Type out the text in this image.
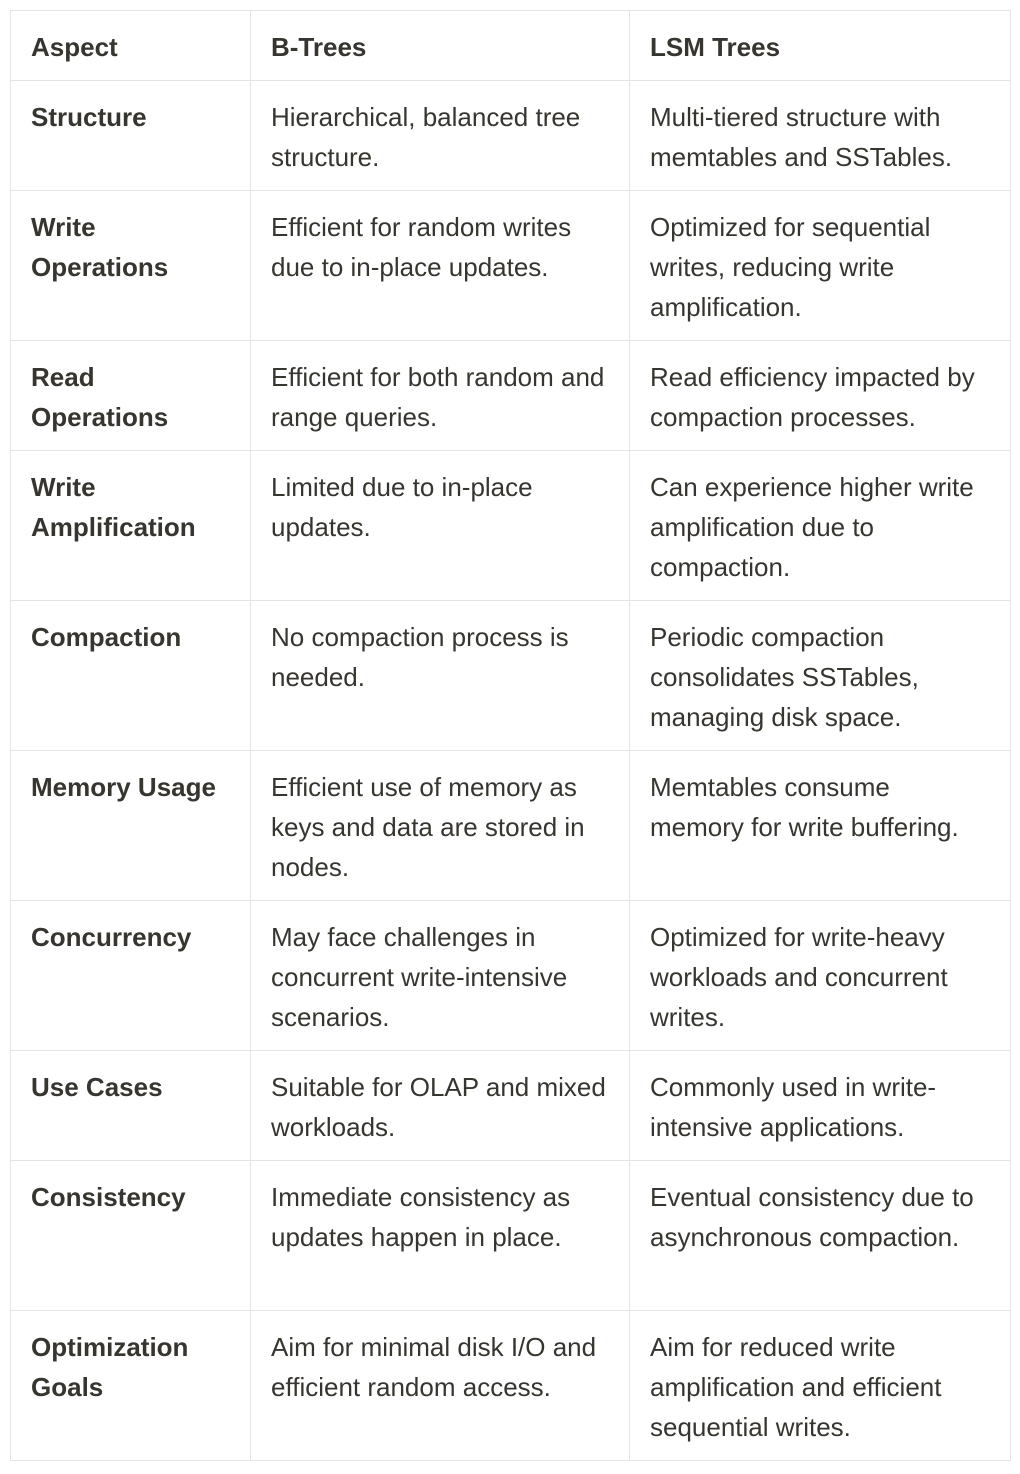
Aspect	B-Trees	LSM Trees
Structure	Hierarchical, balanced tree structure.	Multi-tiered structure with memtables and SSTables.
Write Operations	Efficient for random writes due to in-place updates.	Optimized for sequential writes, reducing write amplification.
Read Operations	Efficient for both random and range queries.	Read efficiency impacted by compaction processes.
Write Amplification	Limited due to in-place updates.	Can experience higher write amplification due to compaction.
Compaction	No compaction process is needed.	Periodic compaction consolidates SSTables, managing disk space.
Memory Usage	Efficient use of memory as keys and data are stored in nodes.	Memtables consume memory for write buffering.
Concurrency	May face challenges in concurrent write-intensive scenarios.	Optimized for write-heavy workloads and concurrent writes.
Use Cases	Suitable for OLAP and mixed workloads.	Commonly used in write-intensive applications.
Consistency	Immediate consistency as updates happen in place.	Eventual consistency due to asynchronous compaction.
Optimization Goals	Aim for minimal disk I/O and efficient random access.	Aim for reduced write amplification and efficient sequential writes.
